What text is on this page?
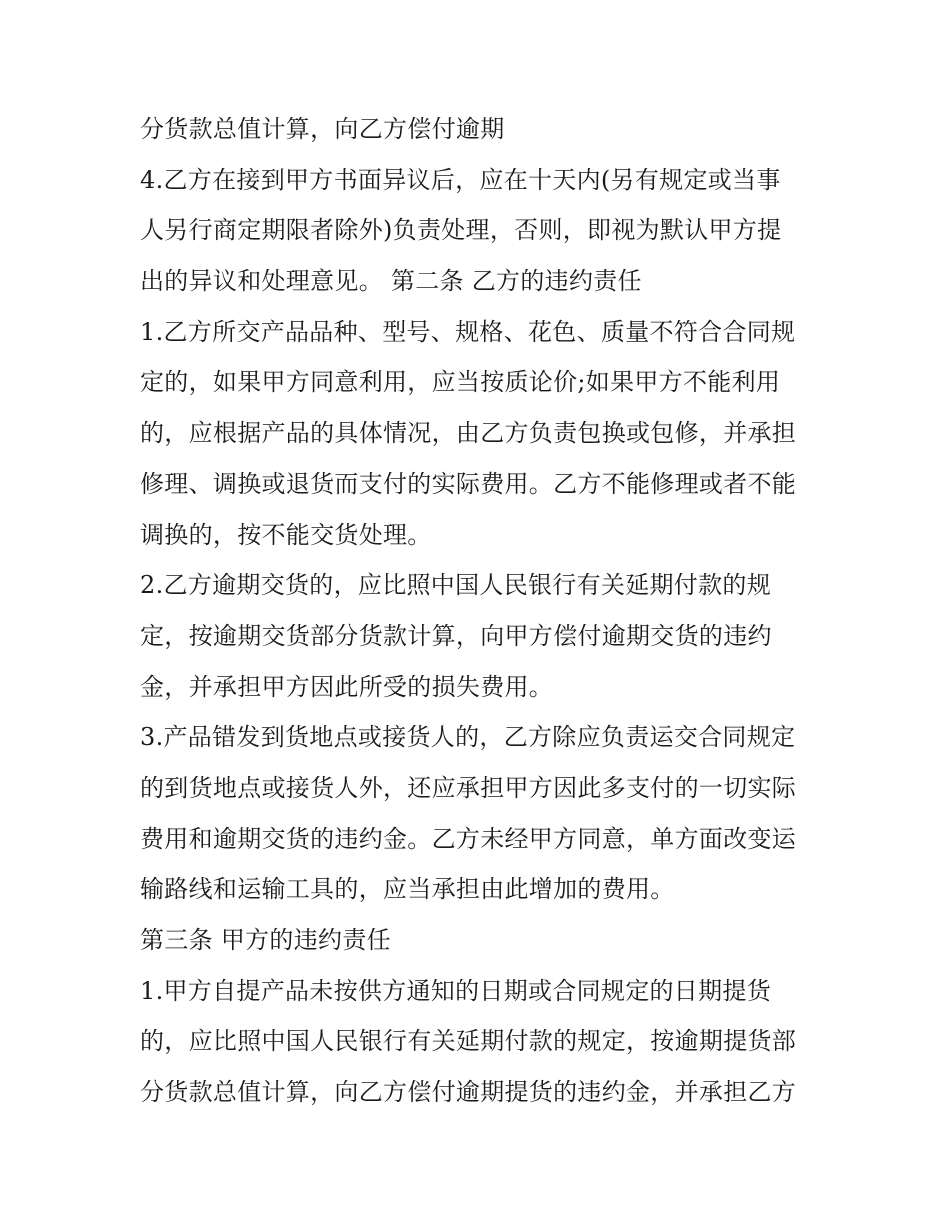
分货款总值计算，向乙方偿付逾期
4.乙方在接到甲方书面异议后，应在十天内(另有规定或当事
人另行商定期限者除外)负责处理，否则，即视为默认甲方提
出的异议和处理意见。 第二条 乙方的违约责任
1.乙方所交产品品种、型号、规格、花色、质量不符合合同规
定的，如果甲方同意利用，应当按质论价;如果甲方不能利用
的，应根据产品的具体情况，由乙方负责包换或包修，并承担
修理、调换或退货而支付的实际费用。乙方不能修理或者不能
调换的，按不能交货处理。
2.乙方逾期交货的，应比照中国人民银行有关延期付款的规
定，按逾期交货部分货款计算，向甲方偿付逾期交货的违约
金，并承担甲方因此所受的损失费用。
3.产品错发到货地点或接货人的，乙方除应负责运交合同规定
的到货地点或接货人外，还应承担甲方因此多支付的一切实际
费用和逾期交货的违约金。乙方未经甲方同意，单方面改变运
输路线和运输工具的，应当承担由此增加的费用。
第三条 甲方的违约责任
1.甲方自提产品未按供方通知的日期或合同规定的日期提货
的，应比照中国人民银行有关延期付款的规定，按逾期提货部
分货款总值计算，向乙方偿付逾期提货的违约金，并承担乙方
